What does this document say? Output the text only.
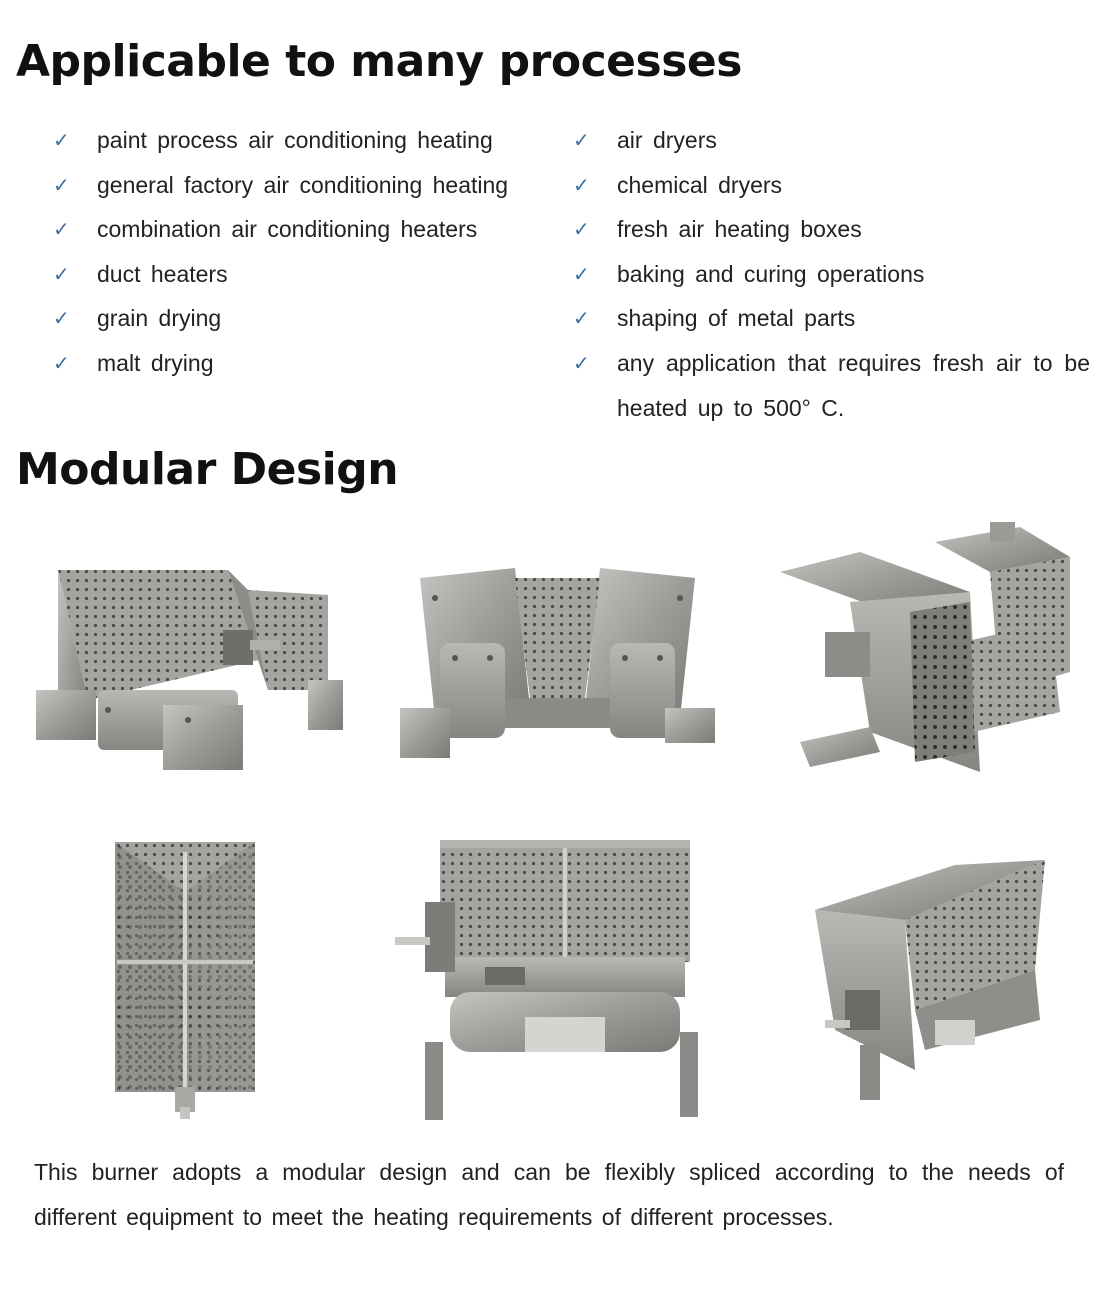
Applicable to many processes
✓	paint process air conditioning heating
✓	general factory air conditioning heating
✓	combination air conditioning heaters
✓	duct heaters
✓	grain drying
✓	malt drying
✓	air dryers
✓	chemical dryers
✓	fresh air heating boxes
✓	baking and curing operations
✓	shaping of metal parts
✓	any application that requires fresh air to be heated up to 500° C.
Modular Design

This burner adopts a modular design and can be flexibly spliced according to the needs of different equipment to meet the heating requirements of different processes.
